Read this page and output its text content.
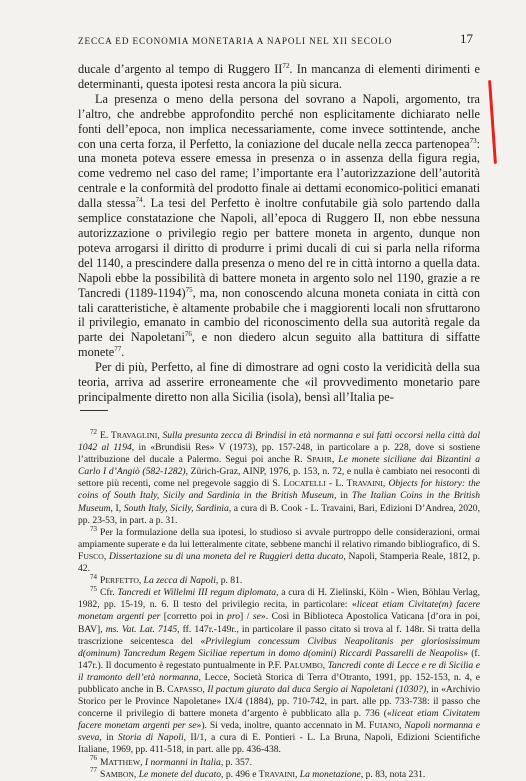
ZECCA ED ECONOMIA MONETARIA A NAPOLI NEL XII SECOLO	17

ducale d’argento al tempo di Ruggero II$^{72}$. In mancanza di elementi dirimenti e determinanti, questa ipotesi resta ancora la più sicura.

La presenza o meno della persona del sovrano a Napoli, argomento, tra l’altro, che andrebbe approfondito perché non esplicitamente dichiarato nelle fonti dell’epoca, non implica necessariamente, come invece sottintende, anche con una certa forza, il Perfetto, la coniazione del ducale nella zecca partenopea$^{73}$: una moneta poteva essere emessa in presenza o in assenza della figura regia, come vedremo nel caso del rame; l’importante era l’autorizzazione dell’autorità centrale e la conformità del prodotto finale ai dettami economico-politici emanati dalla stessa$^{74}$. La tesi del Perfetto è inoltre confutabile già solo partendo dalla semplice constatazione che Napoli, all’epoca di Ruggero II, non ebbe nessuna autorizzazione o privilegio regio per battere moneta in argento, dunque non poteva arrogarsi il diritto di produrre i primi ducali di cui si parla nella riforma del 1140, a prescindere dalla presenza o meno del re in città intorno a quella data. Napoli ebbe la possibilità di battere moneta in argento solo nel 1190, grazie a re Tancredi (1189-1194)$^{75}$, ma, non conoscendo alcuna moneta coniata in città con tali caratteristiche, è altamente probabile che i maggiorenti locali non sfruttarono il privilegio, emanato in cambio del riconoscimento della sua autorità regale da parte dei Napoletani$^{76}$, e non diedero alcun seguito alla battitura di siffatte monete$^{77}$.

Per di più, Perfetto, al fine di dimostrare ad ogni costo la veridicità della sua teoria, arriva ad asserire erroneamente che «il provvedimento monetario pare principalmente diretto non alla Sicilia (isola), bensì all’Italia pe-

$^{72}$ E. TRAVAGLINI, Sulla presunta zecca di Brindisi in età normanna e sui fatti occorsi nella città dal 1042 al 1194, in «Brundisii Res» V (1973), pp. 157-248, in particolare a p. 228, dove si sostiene l’attribuzione del ducale a Palermo. Segui poi anche R. SPAHR, Le monete siciliane dai Bizantini a Carlo I d’Angiò (582-1282), Zürich-Graz, AINP, 1976, p. 153, n. 72, e nulla è cambiato nei resoconti di settore più recenti, come nel pregevole saggio di S. LOCATELLI - L. TRAVAINI, Objects for history: the coins of South Italy, Sicily and Sardinia in the British Museum, in The Italian Coins in the British Museum, I, South Italy, Sicily, Sardinia, a cura di B. Cook - L. Travaini, Bari, Edizioni D’Andrea, 2020, pp. 23-53, in part. a p. 31.

$^{73}$ Per la formulazione della sua ipotesi, lo studioso si avvale purtroppo delle considerazioni, ormai ampiamente superate e da lui letteralmente citate, sebbene manchi il relativo rimando bibliografico, di S. FUSCO, Dissertazione su di una moneta del re Ruggieri detta ducato, Napoli, Stamperia Reale, 1812, p. 42.

$^{74}$ PERFETTO, La zecca di Napoli, p. 81.

$^{75}$ Cfr. Tancredi et Willelmi III regum diplomata, a cura di H. Zielinski, Köln - Wien, Böhlau Verlag, 1982, pp. 15-19, n. 6. Il testo del privilegio recita, in particolare: «liceat etiam Civitate(m) facere monetam argenti per [corretto poi in pro] / se». Così in Biblioteca Apostolica Vaticana [d’ora in poi, BAV], ms. Vat. Lat. 7145, ff. 147r.-149r., in particolare il passo citato si trova al f. 148r. Si tratta della trascrizione seicentesca del «Privilegium concessum Civibus Neapolitanis per gloriosissimum d(ominum) Tancredum Regem Siciliae repertum in domo d(omini) Riccardi Passarelli de Neapolis» (f. 147r.). Il documento è regestato puntualmente in P.F. PALUMBO, Tancredi conte di Lecce e re di Sicilia e il tramonto dell’età normanna, Lecce, Società Storica di Terra d’Otranto, 1991, pp. 152-153, n. 4, e pubblicato anche in B. CAPASSO, Il pactum giurato dal duca Sergio ai Napoletani (1030?), in «Archivio Storico per le Province Napoletane» IX/4 (1884), pp. 710-742, in part. alle pp. 733-738: il passo che concerne il privilegio di battere moneta d’argento è pubblicato alla p. 736 («liceat etiam Civitatem facere monetam argenti per se»). Si veda, inoltre, quanto accennato in M. FUIANO, Napoli normanna e sveva, in Storia di Napoli, II/1, a cura di E. Pontieri - L. La Bruna, Napoli, Edizioni Scientifiche Italiane, 1969, pp. 411-518, in part. alle pp. 436-438.

$^{76}$ MATTHEW, I normanni in Italia, p. 357.

$^{77}$ SAMBON, Le monete del ducato, p. 496 e TRAVAINI, La monetazione, p. 83, nota 231.
